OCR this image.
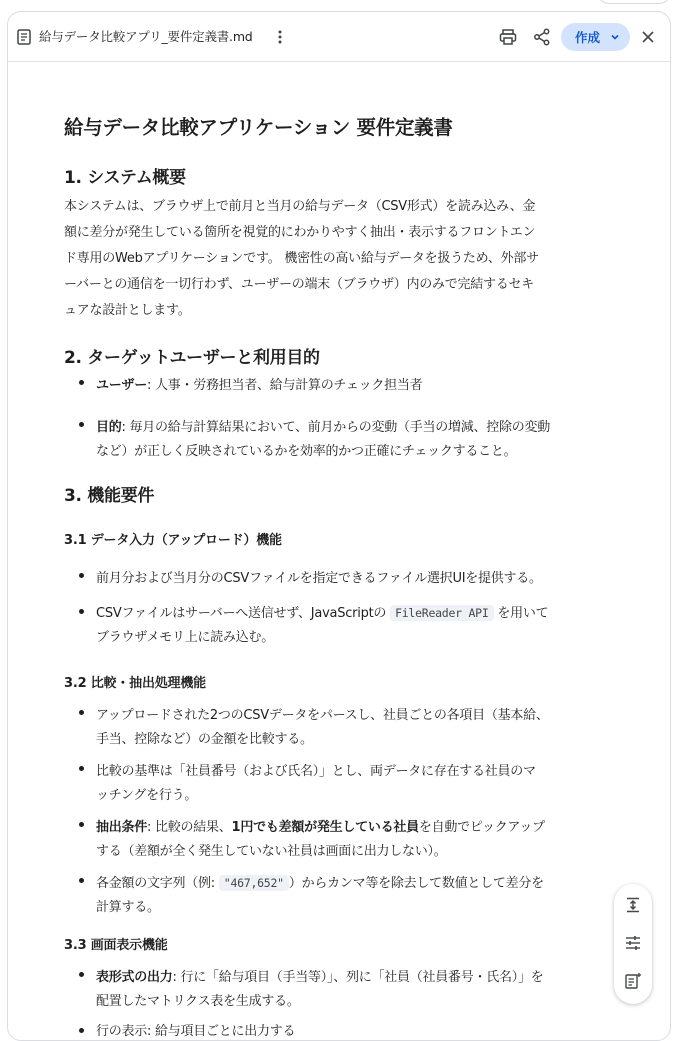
給与データ比較アプリ_要件定義書.md	作成
給与データ比較アプリケーション 要件定義書
1. システム概要
本システムは、ブラウザ上で前月と当月の給与データ（CSV形式）を読み込み、金
額に差分が発生している箇所を視覚的にわかりやすく抽出・表示するフロントエン
ド専用のWebアプリケーションです。 機密性の高い給与データを扱うため、外部サ
ーバーとの通信を一切行わず、ユーザーの端末（ブラウザ）内のみで完結するセキ
ュアな設計とします。
2. ターゲットユーザーと利用目的
ユーザー: 人事・労務担当者、給与計算のチェック担当者
目的: 毎月の給与計算結果において、前月からの変動（手当の増減、控除の変動
など）が正しく反映されているかを効率的かつ正確にチェックすること。
3. 機能要件
3.1 データ入力（アップロード）機能
前月分および当月分のCSVファイルを指定できるファイル選択UIを提供する。
CSVファイルはサーバーへ送信せず、JavaScriptの FileReader API を用いて
ブラウザメモリ上に読み込む。
3.2 比較・抽出処理機能
アップロードされた2つのCSVデータをパースし、社員ごとの各項目（基本給、
手当、控除など）の金額を比較する。
比較の基準は「社員番号（および氏名）」とし、両データに存在する社員のマ
ッチングを行う。
抽出条件: 比較の結果、1円でも差額が発生している社員を自動でピックアップ
する（差額が全く発生していない社員は画面に出力しない）。
各金額の文字列（例: "467,652" ）からカンマ等を除去して数値として差分を
計算する。
3.3 画面表示機能
表形式の出力: 行に「給与項目（手当等）」、列に「社員（社員番号・氏名）」を
配置したマトリクス表を生成する。
行の表示: 給与項目ごとに出力する
